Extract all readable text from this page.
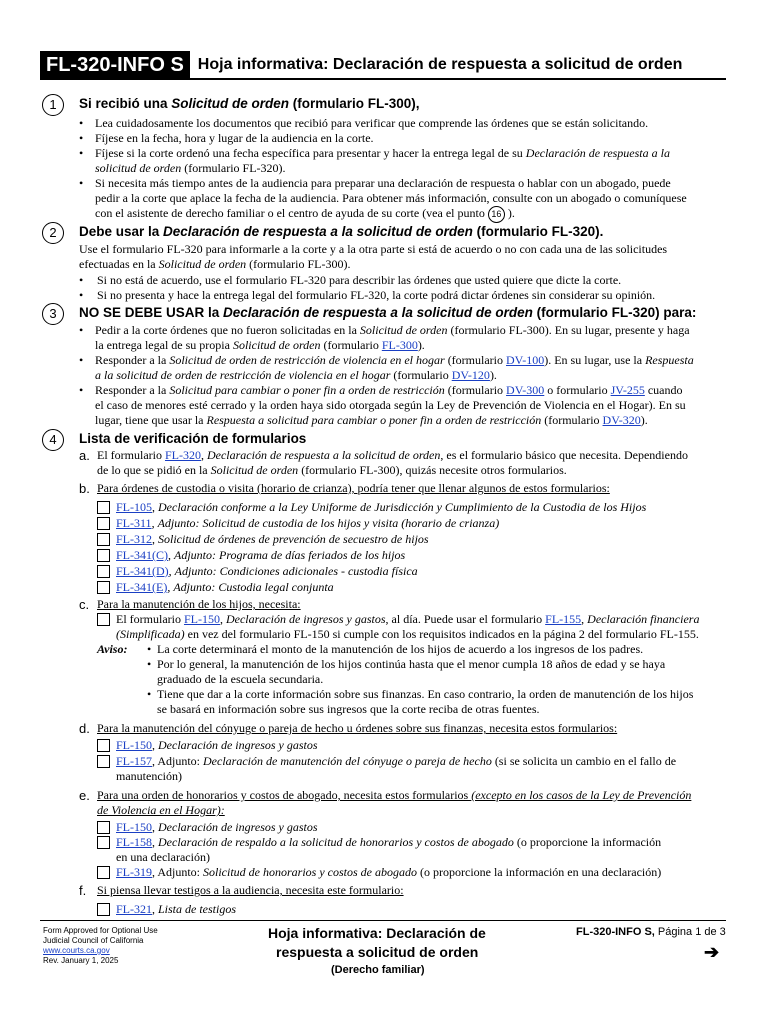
FL-320-INFO S Hoja informativa: Declaración de respuesta a solicitud de orden
1	Si recibió una Solicitud de orden (formulario FL-300),
• Lea cuidadosamente los documentos que recibió para verificar que comprende las órdenes que se están solicitando.
• Fíjese en la fecha, hora y lugar de la audiencia en la corte.
• Fíjese si la corte ordenó una fecha específica para presentar y hacer la entrega legal de su Declaración de respuesta a la
solicitud de orden (formulario FL-320).
• Si necesita más tiempo antes de la audiencia para preparar una declaración de respuesta o hablar con un abogado, puede
pedir a la corte que aplace la fecha de la audiencia. Para obtener más información, consulte con un abogado o comuníquese
con el asistente de derecho familiar o el centro de ayuda de su corte (vea el punto 16 ).
2	Debe usar la Declaración de respuesta a la solicitud de orden (formulario FL-320).
Use el formulario FL-320 para informarle a la corte y a la otra parte si está de acuerdo o no con cada una de las solicitudes
efectuadas en la Solicitud de orden (formulario FL-300).
• Si no está de acuerdo, use el formulario FL-320 para describir las órdenes que usted quiere que dicte la corte.
• Si no presenta y hace la entrega legal del formulario FL-320, la corte podrá dictar órdenes sin considerar su opinión.
3	NO SE DEBE USAR la Declaración de respuesta a la solicitud de orden (formulario FL-320) para:
• Pedir a la corte órdenes que no fueron solicitadas en la Solicitud de orden (formulario FL-300). En su lugar, presente y haga
la entrega legal de su propia Solicitud de orden (formulario FL-300).
• Responder a la Solicitud de orden de restricción de violencia en el hogar (formulario DV-100). En su lugar, use la Respuesta
a la solicitud de orden de restricción de violencia en el hogar (formulario DV-120).
• Responder a la Solicitud para cambiar o poner fin a orden de restricción (formulario DV-300 o formulario JV-255 cuando
el caso de menores esté cerrado y la orden haya sido otorgada según la Ley de Prevención de Violencia en el Hogar). En su
lugar, tiene que usar la Respuesta a solicitud para cambiar o poner fin a orden de restricción (formulario DV-320).
4	Lista de verificación de formularios
a. El formulario FL-320, Declaración de respuesta a la solicitud de orden, es el formulario básico que necesita. Dependiendo
de lo que se pidió en la Solicitud de orden (formulario FL-300), quizás necesite otros formularios.
b. Para órdenes de custodia o visita (horario de crianza), podría tener que llenar algunos de estos formularios:
FL-105, Declaración conforme a la Ley Uniforme de Jurisdicción y Cumplimiento de la Custodia de los Hijos
FL-311, Adjunto: Solicitud de custodia de los hijos y visita (horario de crianza)
FL-312, Solicitud de órdenes de prevención de secuestro de hijos
FL-341(C), Adjunto: Programa de días feriados de los hijos
FL-341(D), Adjunto: Condiciones adicionales - custodia física
FL-341(E), Adjunto: Custodia legal conjunta
c. Para la manutención de los hijos, necesita:
El formulario FL-150, Declaración de ingresos y gastos, al día. Puede usar el formulario FL-155, Declaración financiera
(Simplificada) en vez del formulario FL-150 si cumple con los requisitos indicados en la página 2 del formulario FL-155.
Aviso: • La corte determinará el monto de la manutención de los hijos de acuerdo a los ingresos de los padres.
• Por lo general, la manutención de los hijos continúa hasta que el menor cumpla 18 años de edad y se haya
graduado de la escuela secundaria.
• Tiene que dar a la corte información sobre sus finanzas. En caso contrario, la orden de manutención de los hijos
se basará en información sobre sus ingresos que la corte reciba de otras fuentes.
d. Para la manutención del cónyuge o pareja de hecho u órdenes sobre sus finanzas, necesita estos formularios:
FL-150, Declaración de ingresos y gastos
FL-157, Adjunto: Declaración de manutención del cónyuge o pareja de hecho (si se solicita un cambio en el fallo de
manutención)
e. Para una orden de honorarios y costos de abogado, necesita estos formularios (excepto en los casos de la Ley de Prevención
de Violencia en el Hogar):
FL-150, Declaración de ingresos y gastos
FL-158, Declaración de respaldo a la solicitud de honorarios y costos de abogado (o proporcione la información
en una declaración)
FL-319, Adjunto: Solicitud de honorarios y costos de abogado (o proporcione la información en una declaración)
f. Si piensa llevar testigos a la audiencia, necesita este formulario:
FL-321, Lista de testigos
Form Approved for Optional Use
Judicial Council of California
www.courts.ca.gov
Rev. January 1, 2025
Hoja informativa: Declaración de
respuesta a solicitud de orden
(Derecho familiar)
FL-320-INFO S, Página 1 de 3
➔
